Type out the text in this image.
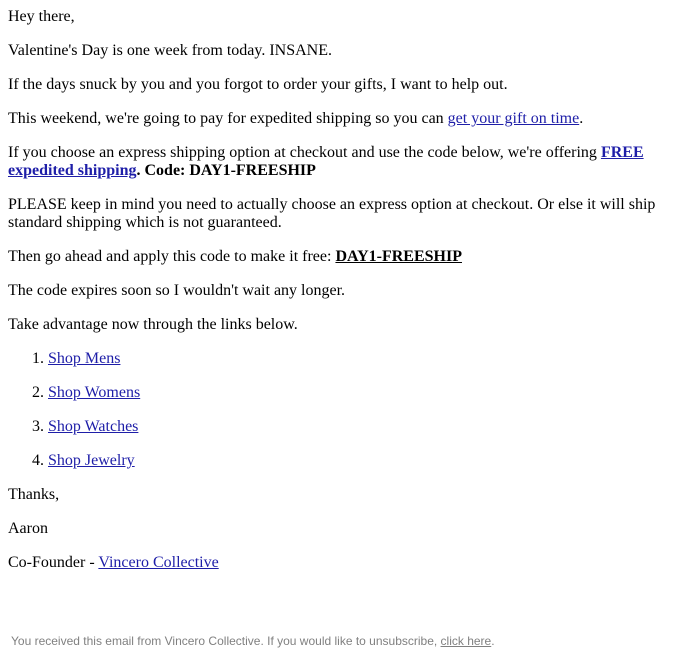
Hey there,

Valentine's Day is one week from today. INSANE.

If the days snuck by you and you forgot to order your gifts, I want to help out.

This weekend, we're going to pay for expedited shipping so you can get your gift on time.

If you choose an express shipping option at checkout and use the code below, we're offering FREE expedited shipping. Code: DAY1-FREESHIP

PLEASE keep in mind you need to actually choose an express option at checkout. Or else it will ship standard shipping which is not guaranteed.

Then go ahead and apply this code to make it free: DAY1-FREESHIP

The code expires soon so I wouldn't wait any longer.

Take advantage now through the links below.

1. Shop Mens
2. Shop Womens
3. Shop Watches
4. Shop Jewelry

Thanks,

Aaron

Co-Founder - Vincero Collective

You received this email from Vincero Collective. If you would like to unsubscribe, click here.
